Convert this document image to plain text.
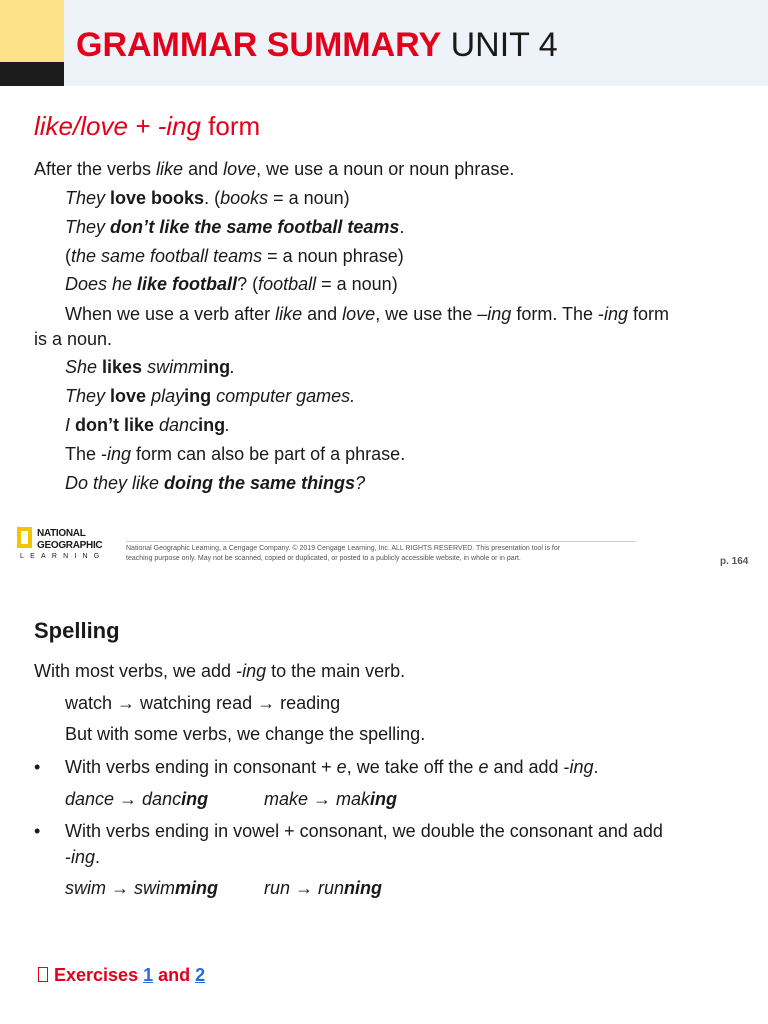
GRAMMAR SUMMARY UNIT 4
like/love + -ing form
After the verbs like and love, we use a noun or noun phrase.
They love books. (books = a noun)
They don’t like the same football teams.
(the same football teams = a noun phrase)
Does he like football? (football = a noun)
When we use a verb after like and love, we use the –ing form. The -ing form
is a noun.
She likes swimming.
They love playing computer games.
I don’t like dancing.
The -ing form can also be part of a phrase.
Do they like doing the same things?
NATIONAL
GEOGRAPHIC
LEARNING
National Geographic Learning, a Cengage Company. © 2019 Cengage Learning, Inc. ALL RIGHTS RESERVED. This presentation tool is for
teaching purpose only. May not be scanned, copied or duplicated, or posted to a publicly accessible website, in whole or in part.	p. 164
Spelling
With most verbs, we add -ing to the main verb.
watch → watching read → reading
But with some verbs, we change the spelling.
• With verbs ending in consonant + e, we take off the e and add -ing.
dance → dancing	make → making
• With verbs ending in vowel + consonant, we double the consonant and add
-ing.
swim → swimming	run → running
Exercises 1 and 2
